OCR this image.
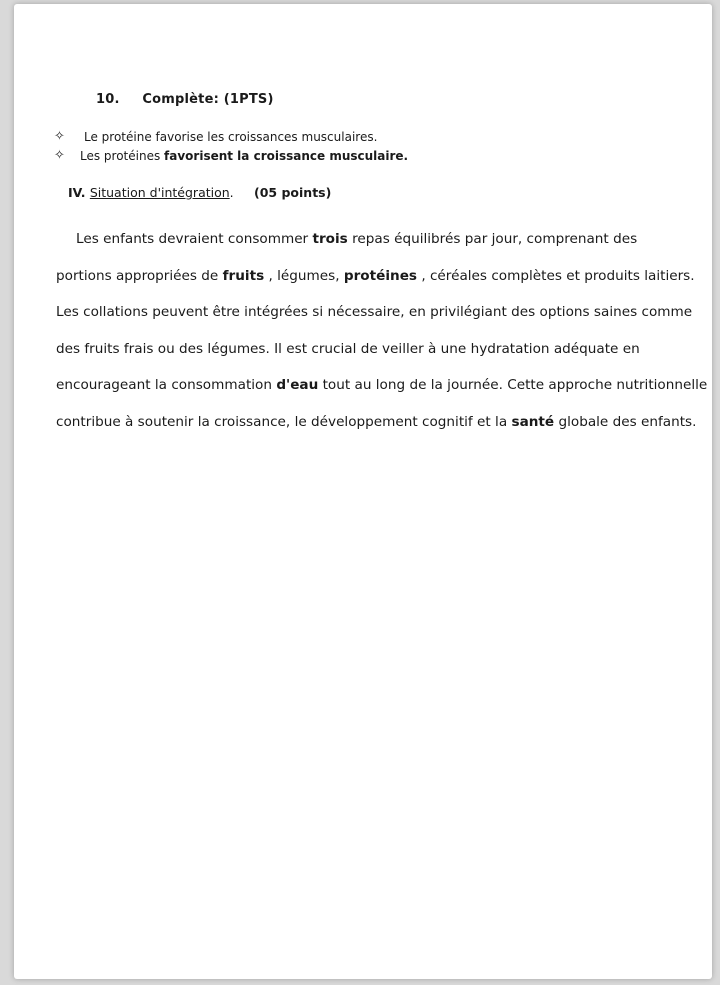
10. Complète: (1PTS)
✧	Le protéine favorise les croissances musculaires.
✧	Les protéines favorisent la croissance musculaire.
IV. Situation d'intégration. (05 points)
Les enfants devraient consommer trois repas équilibrés par jour, comprenant des
portions appropriées de fruits , légumes, protéines , céréales complètes et produits laitiers.
Les collations peuvent être intégrées si nécessaire, en privilégiant des options saines comme
des fruits frais ou des légumes. Il est crucial de veiller à une hydratation adéquate en
encourageant la consommation d'eau tout au long de la journée. Cette approche nutritionnelle
contribue à soutenir la croissance, le développement cognitif et la santé globale des enfants.
